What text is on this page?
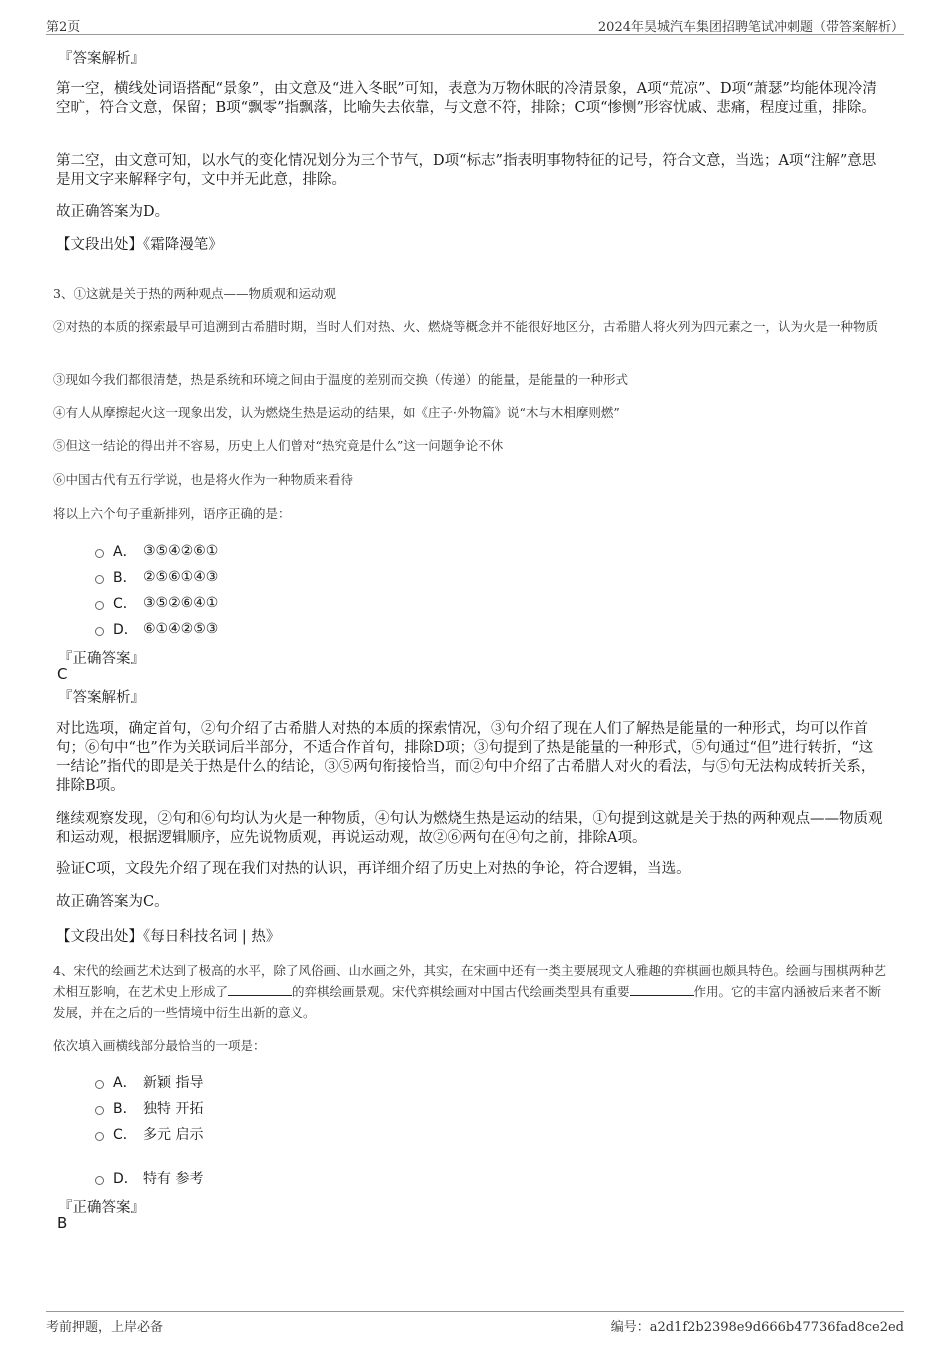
第2页	2024年昊城汽车集团招聘笔试冲刺题（带答案解析）
『答案解析』
第一空，横线处词语搭配“景象”，由文意及“进入冬眠”可知，表意为万物休眠的冷清景象，A项“荒凉”、D项“萧瑟”均能体现冷清空旷，符合文意，保留；B项“飘零”指飘落，比喻失去依靠，与文意不符，排除；C项“惨恻”形容忧戚、悲痛，程度过重，排除。
第二空，由文意可知，以水气的变化情况划分为三个节气，D项“标志”指表明事物特征的记号，符合文意，当选；A项“注解”意思是用文字来解释字句，文中并无此意，排除。
故正确答案为D。
【文段出处】《霜降漫笔》
3、①这就是关于热的两种观点——物质观和运动观
②对热的本质的探索最早可追溯到古希腊时期，当时人们对热、火、燃烧等概念并不能很好地区分，古希腊人将火列为四元素之一，认为火是一种物质
③现如今我们都很清楚，热是系统和环境之间由于温度的差别而交换（传递）的能量，是能量的一种形式
④有人从摩擦起火这一现象出发，认为燃烧生热是运动的结果，如《庄子·外物篇》说“木与木相摩则燃”
⑤但这一结论的得出并不容易，历史上人们曾对“热究竟是什么”这一问题争论不休
⑥中国古代有五行学说，也是将火作为一种物质来看待
将以上六个句子重新排列，语序正确的是：
A． ③⑤④②⑥①
B． ②⑤⑥①④③
C． ③⑤②⑥④①
D． ⑥①④②⑤③
『正确答案』
C
『答案解析』
对比选项，确定首句，②句介绍了古希腊人对热的本质的探索情况，③句介绍了现在人们了解热是能量的一种形式，均可以作首句；⑥句中“也”作为关联词后半部分，不适合作首句，排除D项；③句提到了热是能量的一种形式，⑤句通过“但”进行转折，“这一结论”指代的即是关于热是什么的结论，③⑤两句衔接恰当，而②句中介绍了古希腊人对火的看法，与⑤句无法构成转折关系，排除B项。
继续观察发现，②句和⑥句均认为火是一种物质，④句认为燃烧生热是运动的结果，①句提到这就是关于热的两种观点——物质观和运动观，根据逻辑顺序，应先说物质观，再说运动观，故②⑥两句在④句之前，排除A项。
验证C项，文段先介绍了现在我们对热的认识，再详细介绍了历史上对热的争论，符合逻辑，当选。
故正确答案为C。
【文段出处】《每日科技名词 | 热》
4、宋代的绘画艺术达到了极高的水平，除了风俗画、山水画之外，其实，在宋画中还有一类主要展现文人雅趣的弈棋画也颇具特色。绘画与围棋两种艺术相互影响，在艺术史上形成了	的弈棋绘画景观。宋代弈棋绘画对中国古代绘画类型具有重要	作用。它的丰富内涵被后来者不断发展，并在之后的一些情境中衍生出新的意义。
依次填入画横线部分最恰当的一项是：
A． 新颖 指导
B． 独特 开拓
C． 多元 启示
D． 特有 参考
『正确答案』
B
考前押题，上岸必备	编号：a2d1f2b2398e9d666b47736fad8ce2ed
